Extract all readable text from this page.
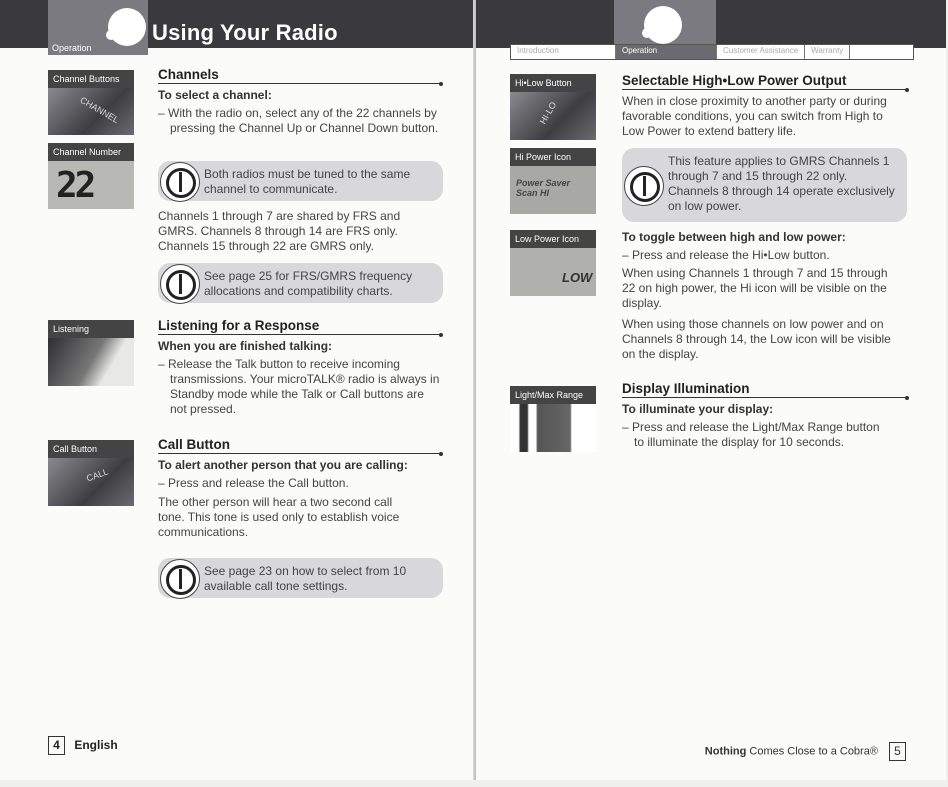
Operation
Using Your Radio
Channel Buttons
CHANNEL
Channel Number
22
Listening
Call Button
CALL
Channels
To select a channel:
– With the radio on, select any of the 22 channels by pressing the Channel Up or Channel Down button.
Both radios must be tuned to the same channel to communicate.
Channels 1 through 7 are shared by FRS and GMRS. Channels 8 through 14 are FRS only. Channels 15 through 22 are GMRS only.
See page 25 for FRS/GMRS frequency allocations and compatibility charts.
Listening for a Response
When you are finished talking:
– Release the Talk button to receive incoming transmissions. Your microTALK® radio is always in Standby mode while the Talk or Call buttons are not pressed.
Call Button
To alert another person that you are calling:
– Press and release the Call button.
The other person will hear a two second call tone. This tone is used only to establish voice communications.
See page 23 on how to select from 10 available call tone settings.
4 English
Introduction	Operation	Customer Assistance	Warranty
Hi•Low Button
HI·LO
Hi Power Icon
Power Saver Scan HI
Low Power Icon
LOW
Light/Max Range
Selectable High•Low Power Output
When in close proximity to another party or during favorable conditions, you can switch from High to Low Power to extend battery life.
This feature applies to GMRS Channels 1 through 7 and 15 through 22 only. Channels 8 through 14 operate exclusively on low power.
To toggle between high and low power:
– Press and release the Hi•Low button.
When using Channels 1 through 7 and 15 through 22 on high power, the Hi icon will be visible on the display.
When using those channels on low power and on Channels 8 through 14, the Low icon will be visible on the display.
Display Illumination
To illuminate your display:
– Press and release the Light/Max Range button to illuminate the display for 10 seconds.
Nothing Comes Close to a Cobra® 5
